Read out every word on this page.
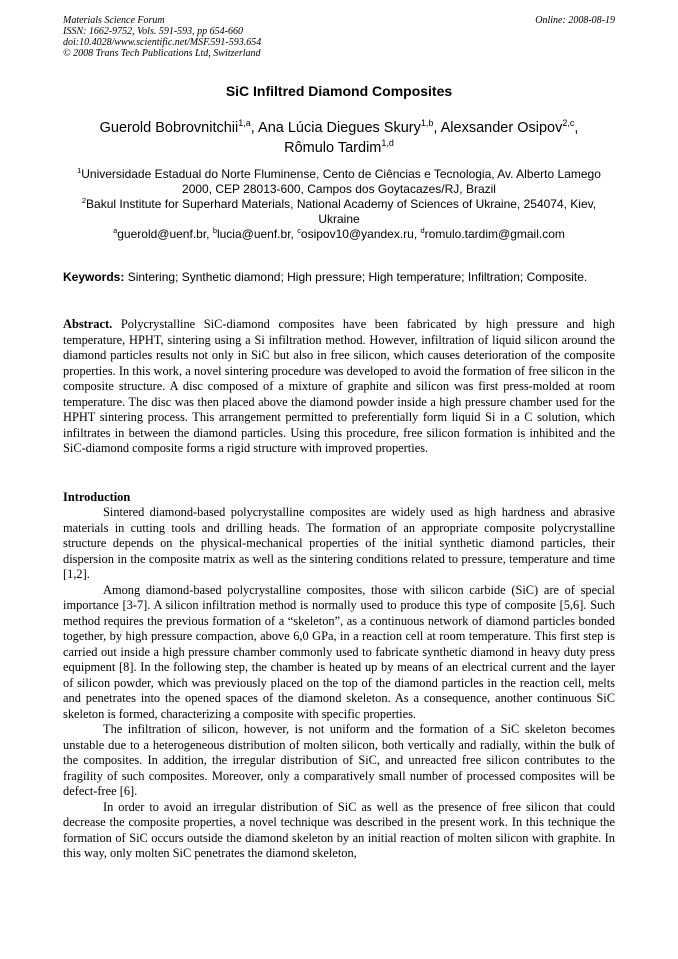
Materials Science Forum
ISSN: 1662-9752, Vols. 591-593, pp 654-660
doi:10.4028/www.scientific.net/MSF.591-593.654
© 2008 Trans Tech Publications Ltd, Switzerland
Online: 2008-08-19
SiC Infiltred Diamond Composites
Guerold Bobrovnitchii$^{1,a}$, Ana Lúcia Diegues Skury$^{1,b}$, Alexsander Osipov$^{2,c}$,
Rômulo Tardim$^{1,d}$

$^1$Universidade Estadual do Norte Fluminense, Cento de Ciências e Tecnologia, Av. Alberto Lamego 2000, CEP 28013-600, Campos dos Goytacazes/RJ, Brazil

$^2$Bakul Institute for Superhard Materials, National Academy of Sciences of Ukraine, 254074, Kiev, Ukraine

$^a$guerold@uenf.br, $^b$lucia@uenf.br, $^c$osipov10@yandex.ru, $^d$romulo.tardim@gmail.com

Keywords: Sintering; Synthetic diamond; High pressure; High temperature; Infiltration; Composite.

Abstract. Polycrystalline SiC-diamond composites have been fabricated by high pressure and high temperature, HPHT, sintering using a Si infiltration method. However, infiltration of liquid silicon around the diamond particles results not only in SiC but also in free silicon, which causes deterioration of the composite properties. In this work, a novel sintering procedure was developed to avoid the formation of free silicon in the composite structure. A disc composed of a mixture of graphite and silicon was first press-molded at room temperature. The disc was then placed above the diamond powder inside a high pressure chamber used for the HPHT sintering process. This arrangement permitted to preferentially form liquid Si in a C solution, which infiltrates in between the diamond particles. Using this procedure, free silicon formation is inhibited and the SiC-diamond composite forms a rigid structure with improved properties.

Introduction

Sintered diamond-based polycrystalline composites are widely used as high hardness and abrasive materials in cutting tools and drilling heads. The formation of an appropriate composite polycrystalline structure depends on the physical-mechanical properties of the initial synthetic diamond particles, their dispersion in the composite matrix as well as the sintering conditions related to pressure, temperature and time [1,2].

Among diamond-based polycrystalline composites, those with silicon carbide (SiC) are of special importance [3-7]. A silicon infiltration method is normally used to produce this type of composite [5,6]. Such method requires the previous formation of a “skeleton”, as a continuous network of diamond particles bonded together, by high pressure compaction, above 6,0 GPa, in a reaction cell at room temperature. This first step is carried out inside a high pressure chamber commonly used to fabricate synthetic diamond in heavy duty press equipment [8]. In the following step, the chamber is heated up by means of an electrical current and the layer of silicon powder, which was previously placed on the top of the diamond particles in the reaction cell, melts and penetrates into the opened spaces of the diamond skeleton. As a consequence, another continuous SiC skeleton is formed, characterizing a composite with specific properties.

The infiltration of silicon, however, is not uniform and the formation of a SiC skeleton becomes unstable due to a heterogeneous distribution of molten silicon, both vertically and radially, within the bulk of the composites. In addition, the irregular distribution of SiC, and unreacted free silicon contributes to the fragility of such composites. Moreover, only a comparatively small number of processed composites will be defect-free [6].

In order to avoid an irregular distribution of SiC as well as the presence of free silicon that could decrease the composite properties, a novel technique was described in the present work. In this technique the formation of SiC occurs outside the diamond skeleton by an initial reaction of molten silicon with graphite. In this way, only molten SiC penetrates the diamond skeleton,
